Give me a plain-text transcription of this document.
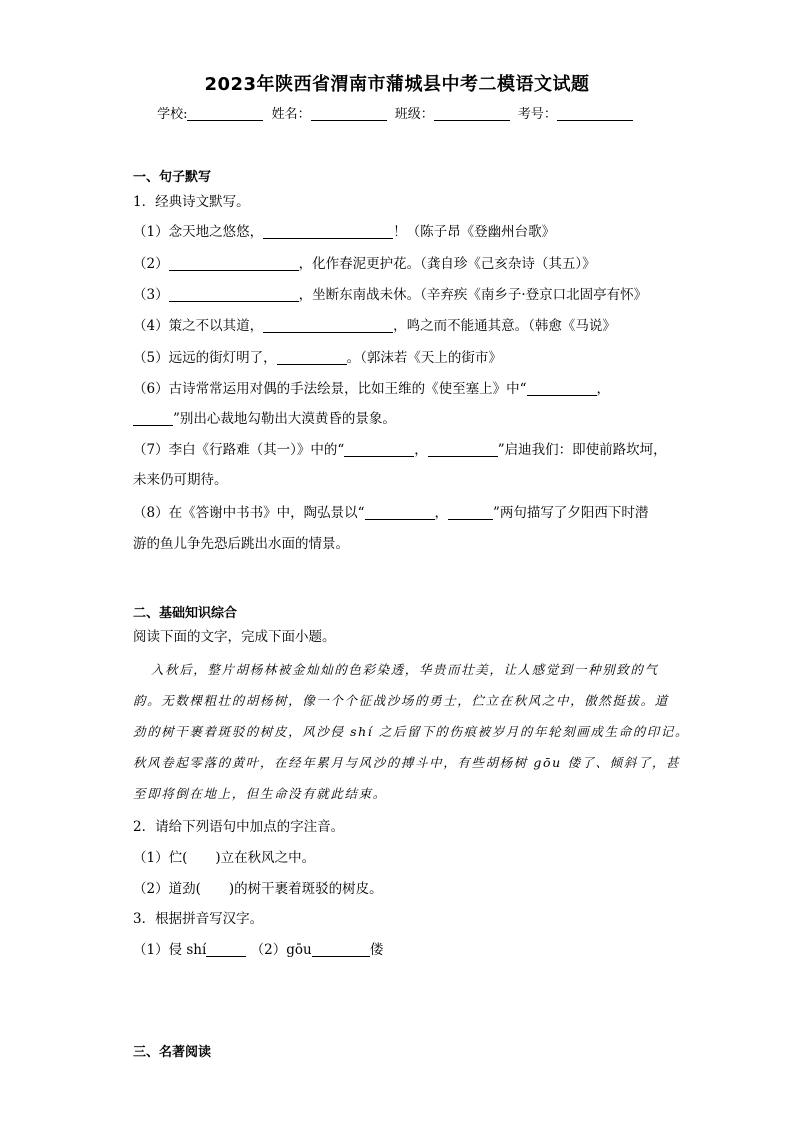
2023年陕西省渭南市蒲城县中考二模语文试题
学校:	姓名：	班级：	考号：
一、句子默写
1．经典诗文默写。
（1）念天地之悠悠，	！（陈子昂《登幽州台歌》
（2）	，化作春泥更护花。（龚自珍《己亥杂诗（其五）》
（3）	，坐断东南战未休。（辛弃疾《南乡子·登京口北固亭有怀》
（4）策之不以其道，	，鸣之而不能通其意。（韩愈《马说》
（5）远远的街灯明了，	。（郭沫若《天上的街市》
（6）古诗常常运用对偶的手法绘景，比如王维的《使至塞上》中“	，
”别出心裁地勾勒出大漠黄昏的景象。
（7）李白《行路难（其一）》中的“	，	”启迪我们：即使前路坎坷，
未来仍可期待。
（8）在《答谢中书书》中，陶弘景以“	，	”两句描写了夕阳西下时潜
游的鱼儿争先恐后跳出水面的情景。
二、基础知识综合
阅读下面的文字，完成下面小题。
入秋后，整片胡杨林被金灿灿的色彩染透，华贵而壮美，让人感觉到一种别致的气
韵。无数棵粗壮的胡杨树，像一个个征战沙场的勇士，伫立在秋风之中，傲然挺拔。道
劲的树干裹着斑驳的树皮，风沙侵 shí 之后留下的伤痕被岁月的年轮刻画成生命的印记。
秋风卷起零落的黄叶，在经年累月与风沙的搏斗中，有些胡杨树 gōu 偻了、倾斜了，甚
至即将倒在地上，但生命没有就此结束。
2．请给下列语句中加点的字注音。
（1）伫( )立在秋风之中。
（2）道劲( )的树干裹着斑驳的树皮。
3．根据拼音写汉字。
（1）侵 shí	（2）gōu	偻
三、名著阅读
